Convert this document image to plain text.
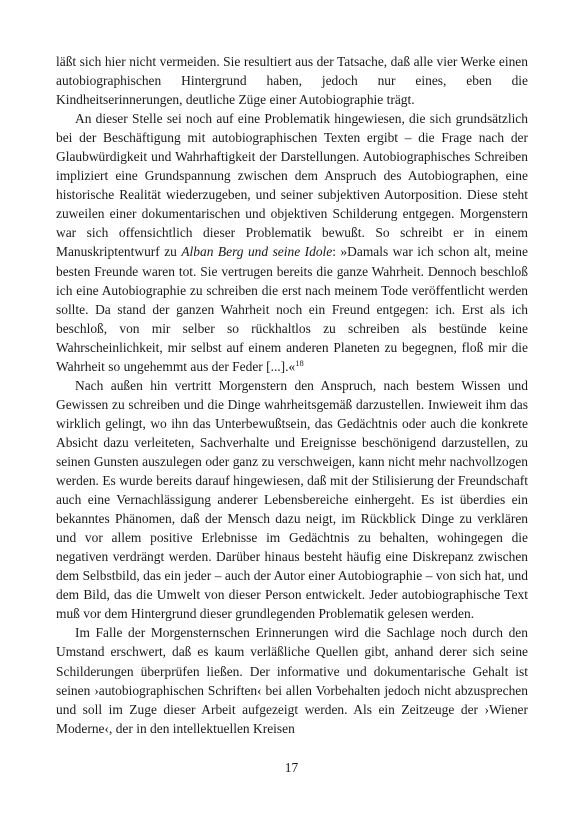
läßt sich hier nicht vermeiden. Sie resultiert aus der Tatsache, daß alle vier Werke einen autobiographischen Hintergrund haben, jedoch nur eines, eben die Kindheitserinnerungen, deutliche Züge einer Autobiographie trägt.

An dieser Stelle sei noch auf eine Problematik hingewiesen, die sich grundsätzlich bei der Beschäftigung mit autobiographischen Texten ergibt – die Frage nach der Glaubwürdigkeit und Wahrhaftigkeit der Darstellungen. Autobiographisches Schreiben impliziert eine Grundspannung zwischen dem Anspruch des Autobiographen, eine historische Realität wiederzugeben, und seiner subjektiven Autorposition. Diese steht zuweilen einer dokumentarischen und objektiven Schilderung entgegen. Morgenstern war sich offensichtlich dieser Problematik bewußt. So schreibt er in einem Manuskriptentwurf zu Alban Berg und seine Idole: »Damals war ich schon alt, meine besten Freunde waren tot. Sie vertrugen bereits die ganze Wahrheit. Dennoch beschloß ich eine Autobiographie zu schreiben die erst nach meinem Tode veröffentlicht werden sollte. Da stand der ganzen Wahrheit noch ein Freund entgegen: ich. Erst als ich beschloß, von mir selber so rückhaltlos zu schreiben als bestünde keine Wahrscheinlichkeit, mir selbst auf einem anderen Planeten zu begegnen, floß mir die Wahrheit so ungehemmt aus der Feder [...].«$^{18}$

Nach außen hin vertritt Morgenstern den Anspruch, nach bestem Wissen und Gewissen zu schreiben und die Dinge wahrheitsgemäß darzustellen. Inwieweit ihm das wirklich gelingt, wo ihn das Unterbewußtsein, das Gedächtnis oder auch die konkrete Absicht dazu verleiteten, Sachverhalte und Ereignisse beschönigend darzustellen, zu seinen Gunsten auszulegen oder ganz zu verschweigen, kann nicht mehr nachvollzogen werden. Es wurde bereits darauf hingewiesen, daß mit der Stilisierung der Freundschaft auch eine Vernachlässigung anderer Lebensbereiche einhergeht. Es ist überdies ein bekanntes Phänomen, daß der Mensch dazu neigt, im Rückblick Dinge zu verklären und vor allem positive Erlebnisse im Gedächtnis zu behalten, wohingegen die negativen verdrängt werden. Darüber hinaus besteht häufig eine Diskrepanz zwischen dem Selbstbild, das ein jeder – auch der Autor einer Autobiographie – von sich hat, und dem Bild, das die Umwelt von dieser Person entwickelt. Jeder autobiographische Text muß vor dem Hintergrund dieser grundlegenden Problematik gelesen werden.

Im Falle der Morgensternschen Erinnerungen wird die Sachlage noch durch den Umstand erschwert, daß es kaum verläßliche Quellen gibt, anhand derer sich seine Schilderungen überprüfen ließen. Der informative und dokumentarische Gehalt ist seinen ›autobiographischen Schriften‹ bei allen Vorbehalten jedoch nicht abzusprechen und soll im Zuge dieser Arbeit aufgezeigt werden. Als ein Zeitzeuge der ›Wiener Moderne‹, der in den intellektuellen Kreisen

17
